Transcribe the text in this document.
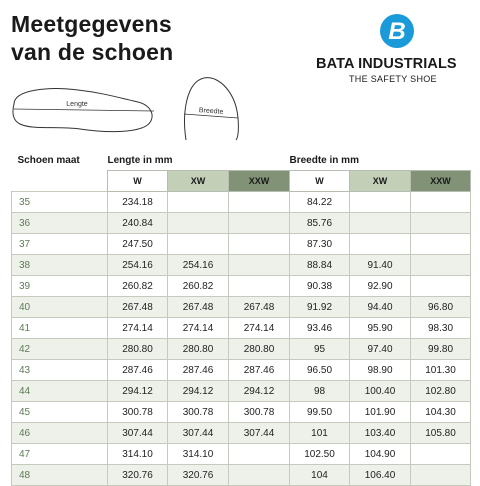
Meetgegevens
van de schoen
B
BATA INDUSTRIALS
THE SAFETY SHOE
Lengte
Breedte
Schoen maat	Lengte in mm			Breedte in mm		
	W	XW	XXW	W	XW	XXW
35	234.18			84.22		
36	240.84			85.76		
37	247.50			87.30		
38	254.16	254.16		88.84	91.40	
39	260.82	260.82		90.38	92.90	
40	267.48	267.48	267.48	91.92	94.40	96.80
41	274.14	274.14	274.14	93.46	95.90	98.30
42	280.80	280.80	280.80	95	97.40	99.80
43	287.46	287.46	287.46	96.50	98.90	101.30
44	294.12	294.12	294.12	98	100.40	102.80
45	300.78	300.78	300.78	99.50	101.90	104.30
46	307.44	307.44	307.44	101	103.40	105.80
47	314.10	314.10		102.50	104.90	
48	320.76	320.76		104	106.40	
